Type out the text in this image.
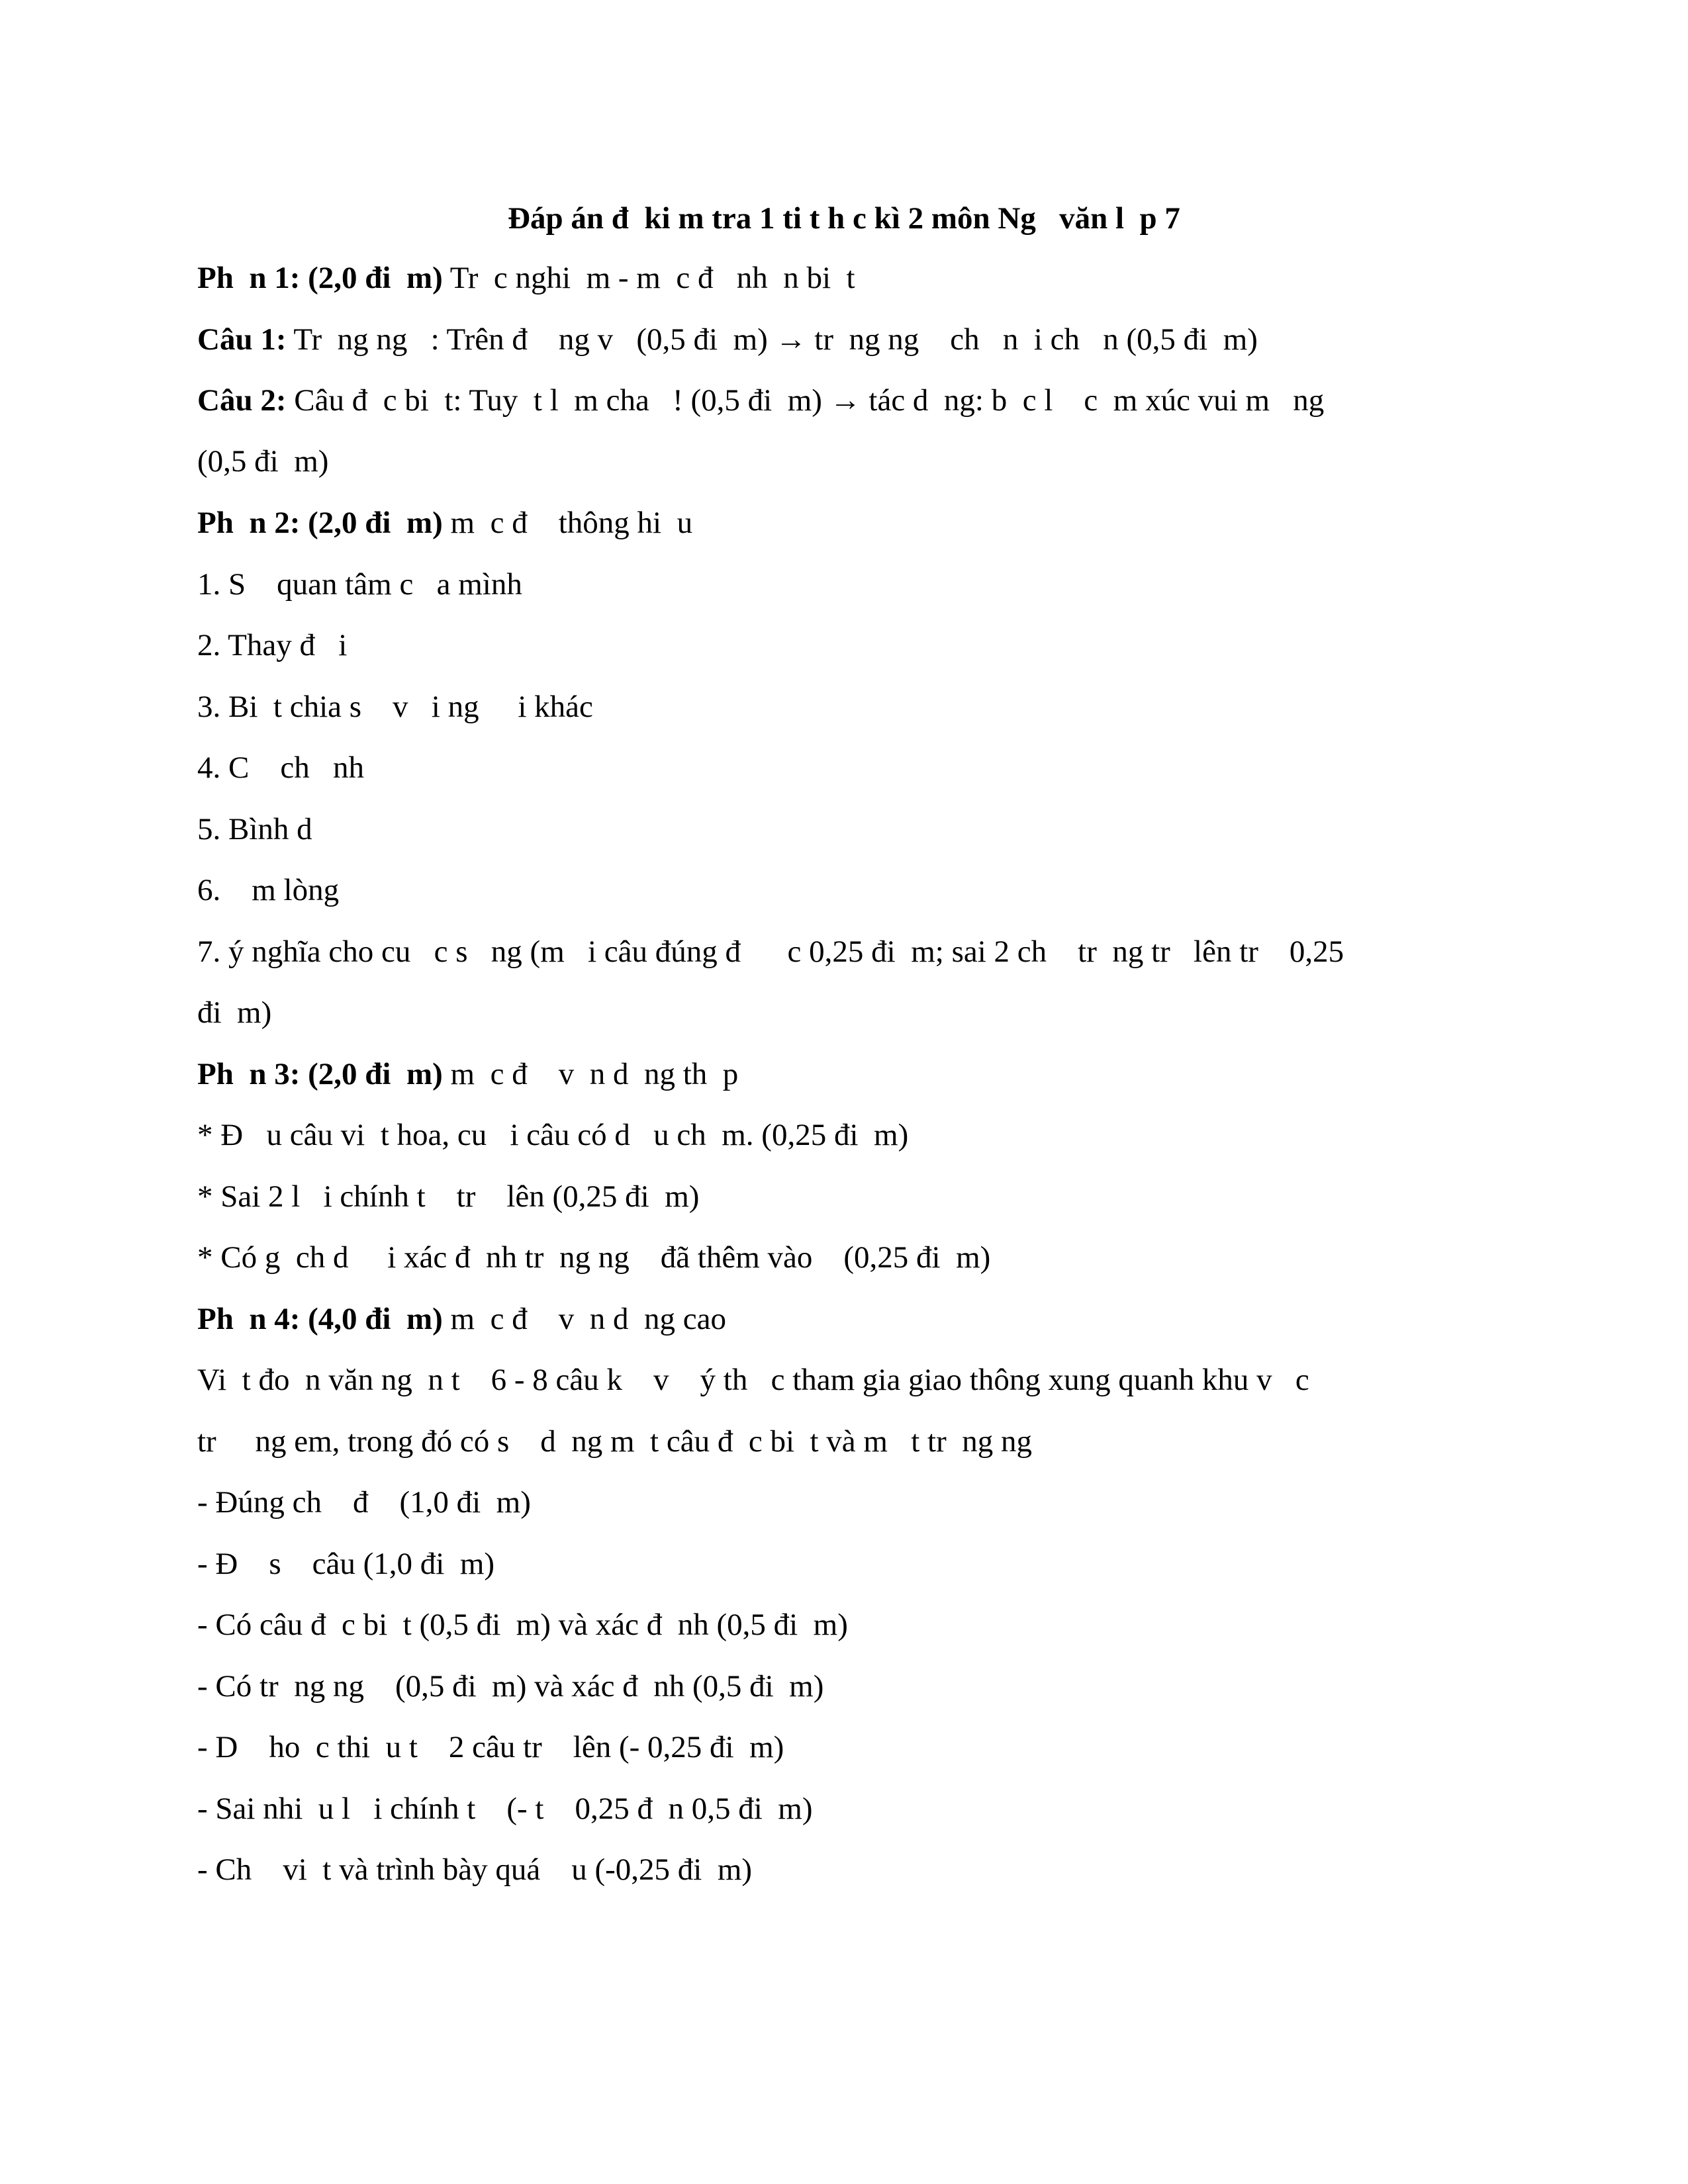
Đáp án đ  ki m tra 1 ti t h c kì 2 môn Ng   văn l  p 7
Ph  n 1: (2,0 đi  m) Tr  c nghi  m - m  c đ   nh  n bi  t
Câu 1: Tr  ng ng   : Trên đ    ng v   (0,5 đi  m) → tr  ng ng    ch   n  i ch   n (0,5 đi  m)
Câu 2: Câu đ  c bi  t: Tuy  t l  m cha   ! (0,5 đi  m) → tác d  ng: b  c l    c  m xúc vui m   ng
(0,5 đi  m)
Ph  n 2: (2,0 đi  m) m  c đ    thông hi  u
1. S    quan tâm c   a mình
2. Thay đ   i
3. Bi  t chia s    v   i ng     i khác
4. C    ch   nh
5. Bình d
6.    m lòng
7. ý nghĩa cho cu   c s   ng (m   i câu đúng đ      c 0,25 đi  m; sai 2 ch    tr  ng tr   lên tr    0,25
đi  m)
Ph  n 3: (2,0 đi  m) m  c đ    v  n d  ng th  p
* Đ   u câu vi  t hoa, cu   i câu có d   u ch  m. (0,25 đi  m)
* Sai 2 l   i chính t    tr    lên (0,25 đi  m)
* Có g  ch d     i xác đ  nh tr  ng ng    đã thêm vào    (0,25 đi  m)
Ph  n 4: (4,0 đi  m) m  c đ    v  n d  ng cao
Vi  t đo  n văn ng  n t    6 - 8 câu k    v    ý th   c tham gia giao thông xung quanh khu v   c
tr     ng em, trong đó có s    d  ng m  t câu đ  c bi  t và m   t tr  ng ng
- Đúng ch    đ    (1,0 đi  m)
- Đ    s    câu (1,0 đi  m)
- Có câu đ  c bi  t (0,5 đi  m) và xác đ  nh (0,5 đi  m)
- Có tr  ng ng    (0,5 đi  m) và xác đ  nh (0,5 đi  m)
- D    ho  c thi  u t    2 câu tr    lên (- 0,25 đi  m)
- Sai nhi  u l   i chính t    (- t    0,25 đ  n 0,5 đi  m)
- Ch    vi  t và trình bày quá    u (-0,25 đi  m)
